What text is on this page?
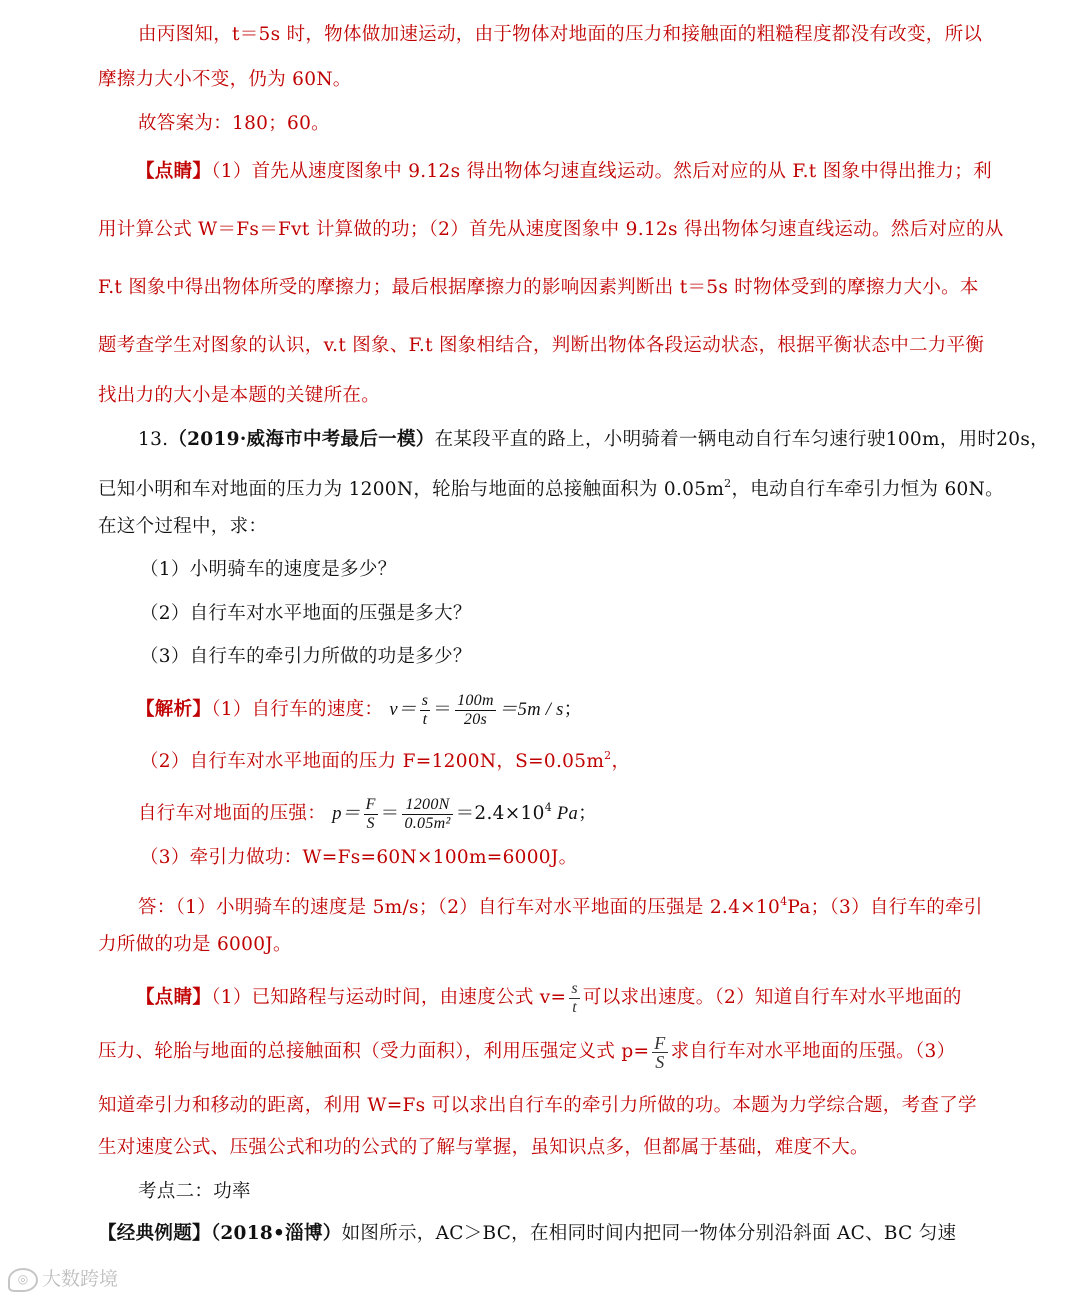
由丙图知，t＝5s 时，物体做加速运动，由于物体对地面的压力和接触面的粗糙程度都没有改变，所以
摩擦力大小不变，仍为 60N。
故答案为：180；60。
【点睛】（1）首先从速度图象中 9.12s 得出物体匀速直线运动。然后对应的从 F.t 图象中得出推力；利
用计算公式 W＝Fs＝Fvt 计算做的功；（2）首先从速度图象中 9.12s 得出物体匀速直线运动。然后对应的从
F.t 图象中得出物体所受的摩擦力；最后根据摩擦力的影响因素判断出 t＝5s 时物体受到的摩擦力大小。本
题考查学生对图象的认识，v.t 图象、F.t 图象相结合，判断出物体各段运动状态，根据平衡状态中二力平衡
找出力的大小是本题的关键所在。
13.（2019·威海市中考最后一模）在某段平直的路上，小明骑着一辆电动自行车匀速行驶100m，用时20s，
已知小明和车对地面的压力为 1200N，轮胎与地面的总接触面积为 $0.05m^2$，电动自行车牵引力恒为 60N。
在这个过程中，求：
（1）小明骑车的速度是多少？
（2）自行车对水平地面的压强是多大？
（3）自行车的牵引力所做的功是多少？
【解析】（1）自行车的速度： $v= \frac{s}{t} = \frac{100m}{20s} =5m / s$；
（2）自行车对水平地面的压力 F=1200N，$S=0.05m^2$，
自行车对地面的压强： $p= \frac{F}{S} = \frac{1200N}{\text{0.05m²}} =2.4\times 10^4$ Pa；
（3）牵引力做功：W=Fs=60N×100m=6000J。
答：（1）小明骑车的速度是 5m/s；（2）自行车对水平地面的压强是 $2.4\times 10^4Pa$；（3）自行车的牵引
力所做的功是 6000J。
【点睛】（1）已知路程与运动时间，由速度公式 $v= \frac{s}{t}$ 可以求出速度。（2）知道自行车对水平地面的
压力、轮胎与地面的总接触面积（受力面积），利用压强定义式 $p= \frac{F}{S}$ 求自行车对水平地面的压强。（3）
知道牵引力和移动的距离，利用 W=Fs 可以求出自行车的牵引力所做的功。本题为力学综合题，考查了学
生对速度公式、压强公式和功的公式的了解与掌握，虽知识点多，但都属于基础，难度不大。
考点二：功率
【经典例题】（2018•淄博）如图所示，AC＞BC，在相同时间内把同一物体分别沿斜面 AC、BC 匀速
◎ 大数跨境
